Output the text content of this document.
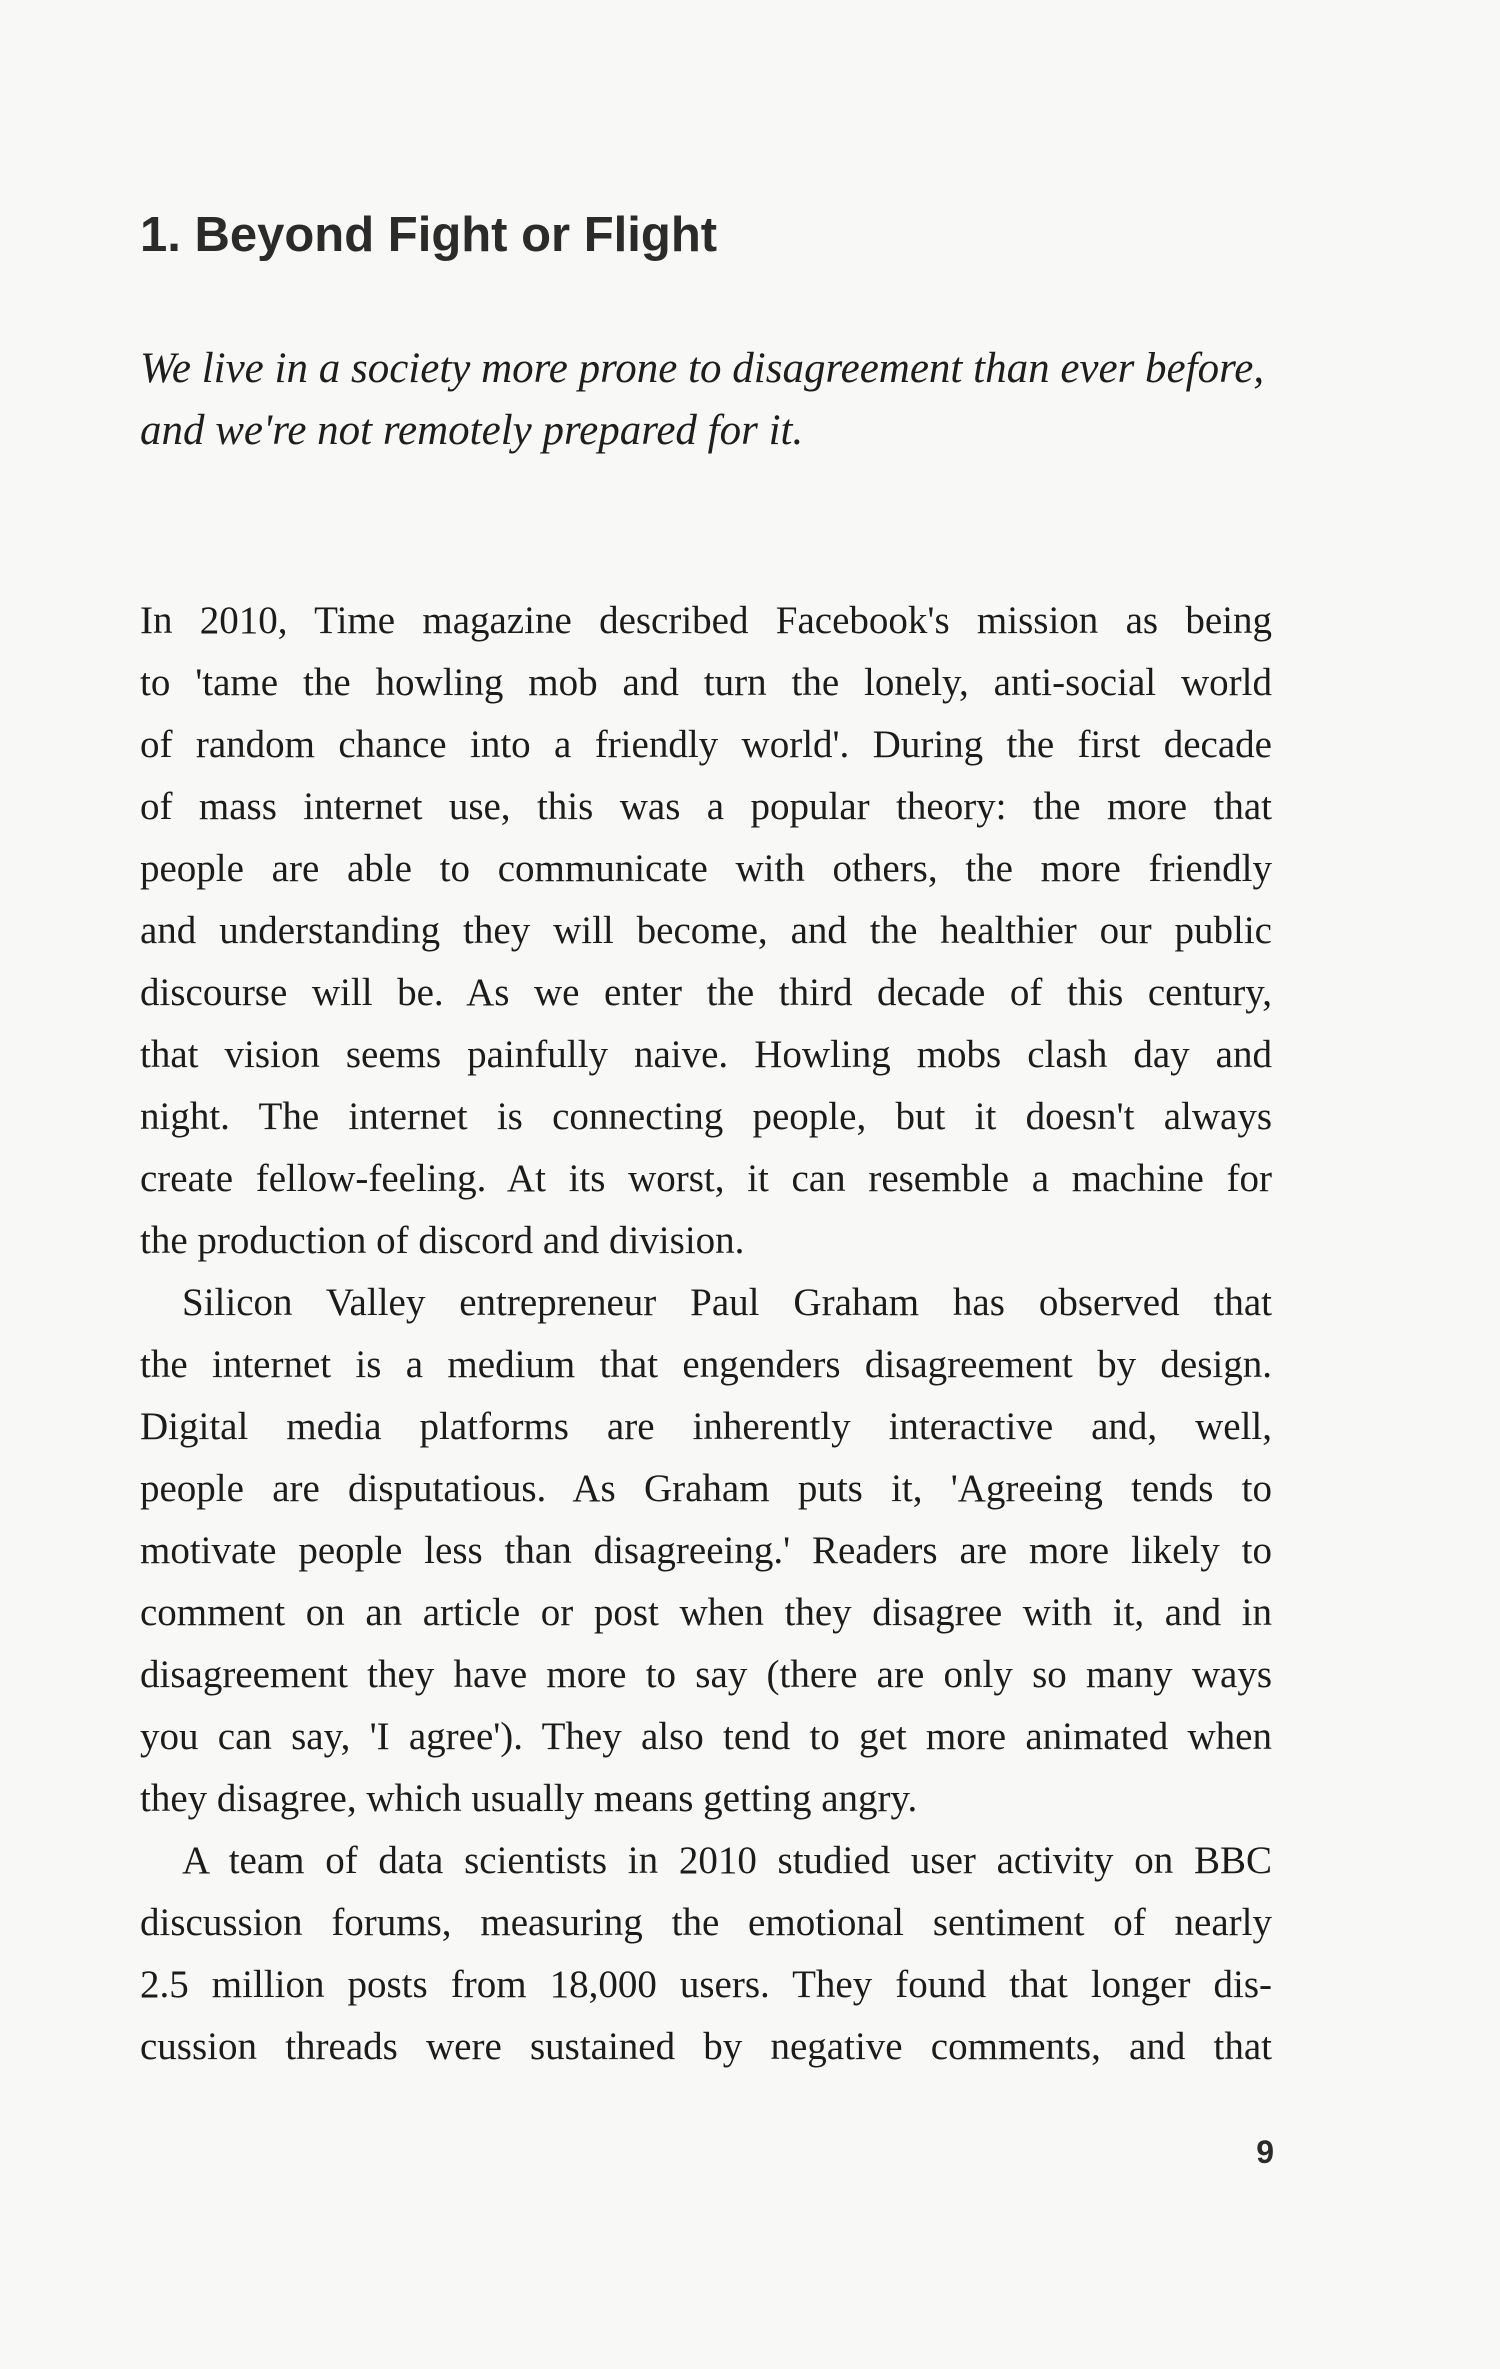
1. Beyond Fight or Flight

We live in a society more prone to disagreement than ever before,
and we're not remotely prepared for it.

In 2010, Time magazine described Facebook's mission as being
to 'tame the howling mob and turn the lonely, anti-social world
of random chance into a friendly world'. During the first decade
of mass internet use, this was a popular theory: the more that
people are able to communicate with others, the more friendly
and understanding they will become, and the healthier our public
discourse will be. As we enter the third decade of this century,
that vision seems painfully naive. Howling mobs clash day and
night. The internet is connecting people, but it doesn't always
create fellow-feeling. At its worst, it can resemble a machine for
the production of discord and division.
Silicon Valley entrepreneur Paul Graham has observed that
the internet is a medium that engenders disagreement by design.
Digital media platforms are inherently interactive and, well,
people are disputatious. As Graham puts it, 'Agreeing tends to
motivate people less than disagreeing.' Readers are more likely to
comment on an article or post when they disagree with it, and in
disagreement they have more to say (there are only so many ways
you can say, 'I agree'). They also tend to get more animated when
they disagree, which usually means getting angry.
A team of data scientists in 2010 studied user activity on BBC
discussion forums, measuring the emotional sentiment of nearly
2.5 million posts from 18,000 users. They found that longer dis-
cussion threads were sustained by negative comments, and that
9
